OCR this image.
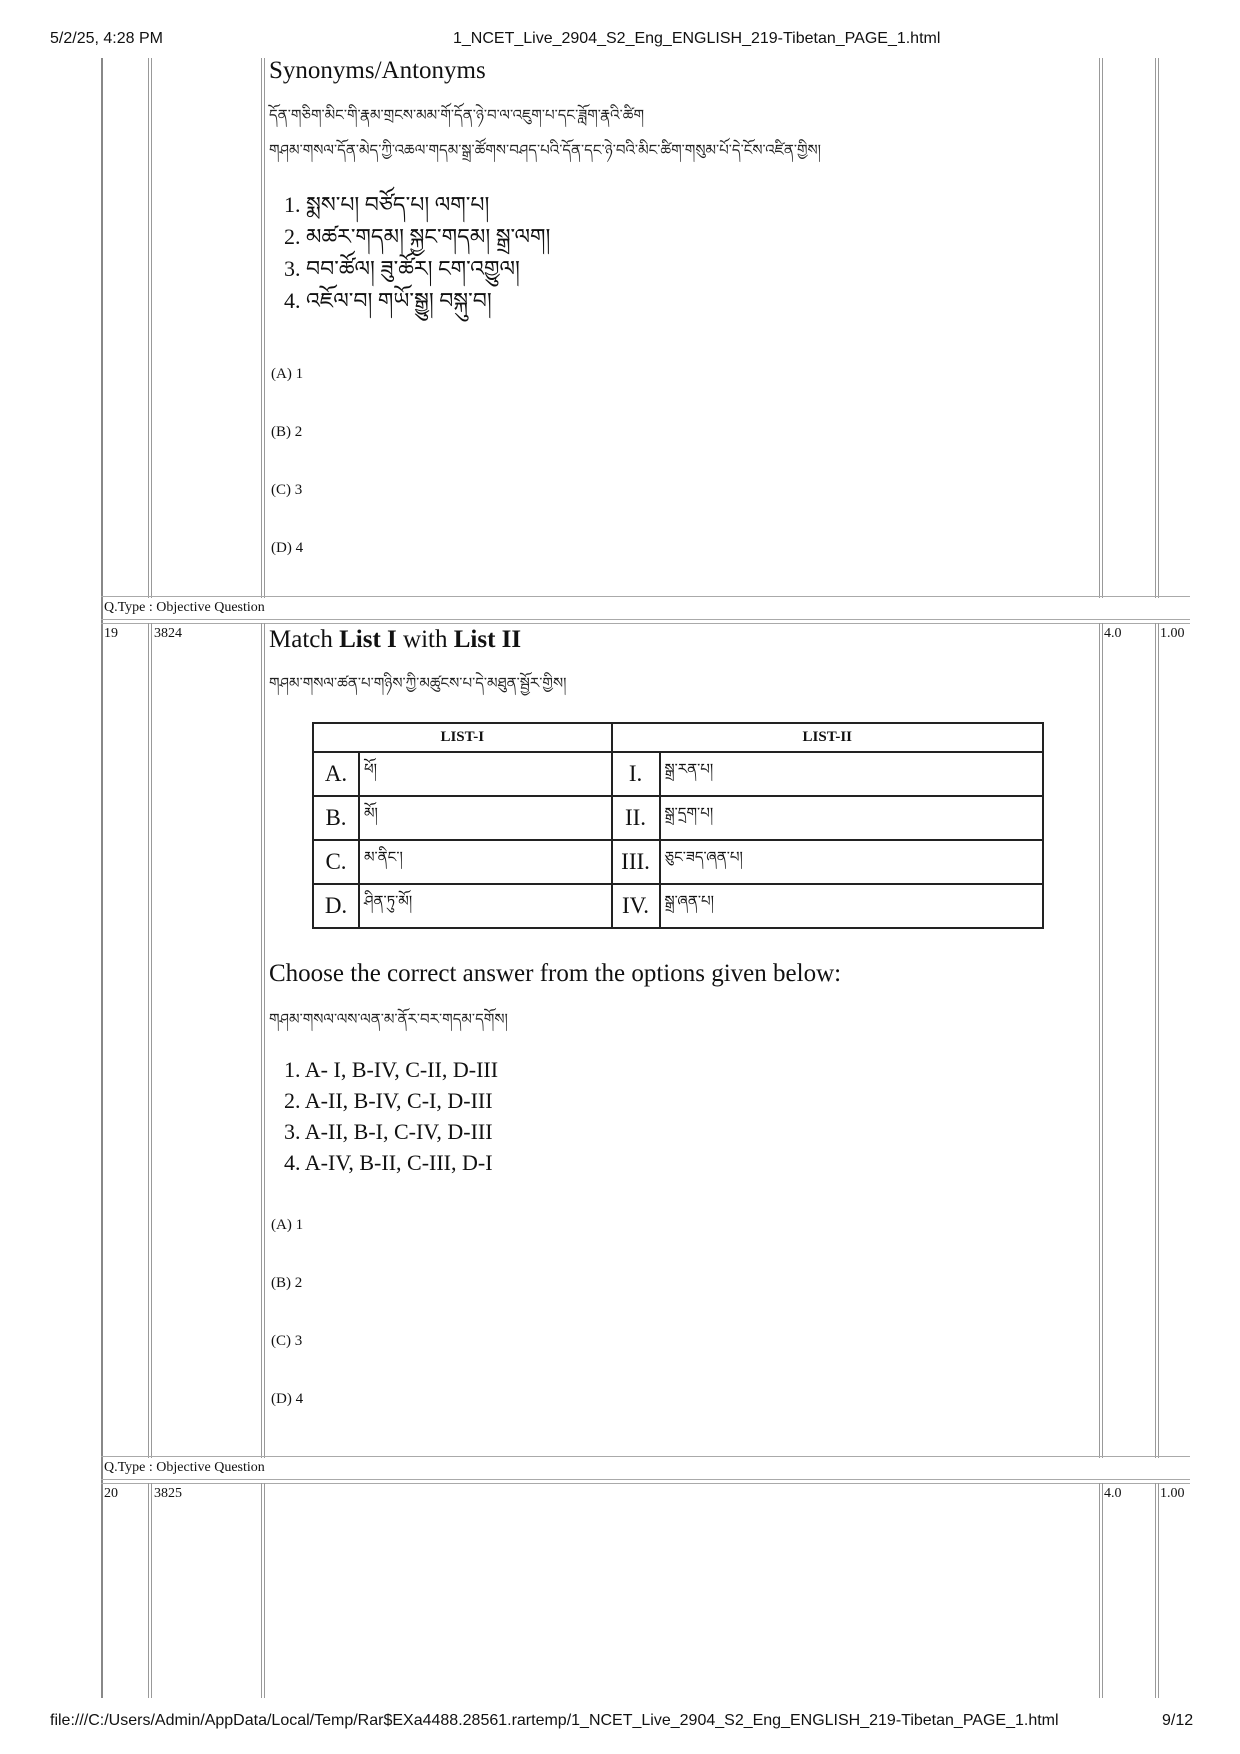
5/2/25, 4:28 PM	1_NCET_Live_2904_S2_Eng_ENGLISH_219-Tibetan_PAGE_1.html
file:///C:/Users/Admin/AppData/Local/Temp/Rar$EXa4488.28561.rartemp/1_NCET_Live_2904_S2_Eng_ENGLISH_219-Tibetan_PAGE_1.html	9/12
Synonyms/Antonyms
དོན་གཅིག་མིང་གི་རྣམ་གྲངས་མམ་གོ་དོན་ཉེ་བ་ལ་འཇུག་པ་དང་ཟློག་རྣའི་ཚིག
གཤམ་གསལ་དོན་མེད་ཀྱི་འཆལ་གདམ་སྒྲ་ཚོགས་བཤད་པའི་དོན་དང་ཉེ་བའི་མིང་ཚིག་གསུམ་པོ་དེ་ངོས་འཛིན་གྱིས།
1. སྨས་པ། བཙོད་པ། ལག་པ།
2. མཚར་གདམ། སྐྱང་གདམ། སྒྲ་ལག།
3. བབ་ཚོལ། ཟུ་ཚོར། ངག་འགྱུལ།
4. འཇོལ་བ། གཡོ་སྒྱུ། བསྐུ་བ།
(A) 1
(B) 2
(C) 3
(D) 4
Q.Type : Objective Question
19	3824	4.0	1.00
Match List I with List II
གཤམ་གསལ་ཚན་པ་གཉིས་ཀྱི་མཚུངས་པ་དེ་མཐུན་སྦྱོར་གྱིས།
LIST-I		LIST-II	
A.	ཕོ།	I.	སྒྲ་རན་པ།
B.	མོ།	II.	སྒྲ་དྲག་པ།
C.	མ་ནིང་།	III.	ཅུང་ཟད་ཞན་པ།
D.	ཤིན་ཏུ་མོ།	IV.	སྒྲ་ཞན་པ།
Choose the correct answer from the options given below:
གཤམ་གསལ་ལས་ལན་མ་ནོར་བར་གདམ་དགོས།
1. A- I, B-IV, C-II, D-III
2. A-II, B-IV, C-I, D-III
3. A-II, B-I, C-IV, D-III
4. A-IV, B-II, C-III, D-I
(A) 1
(B) 2
(C) 3
(D) 4
Q.Type : Objective Question
20	3825	4.0	1.00
